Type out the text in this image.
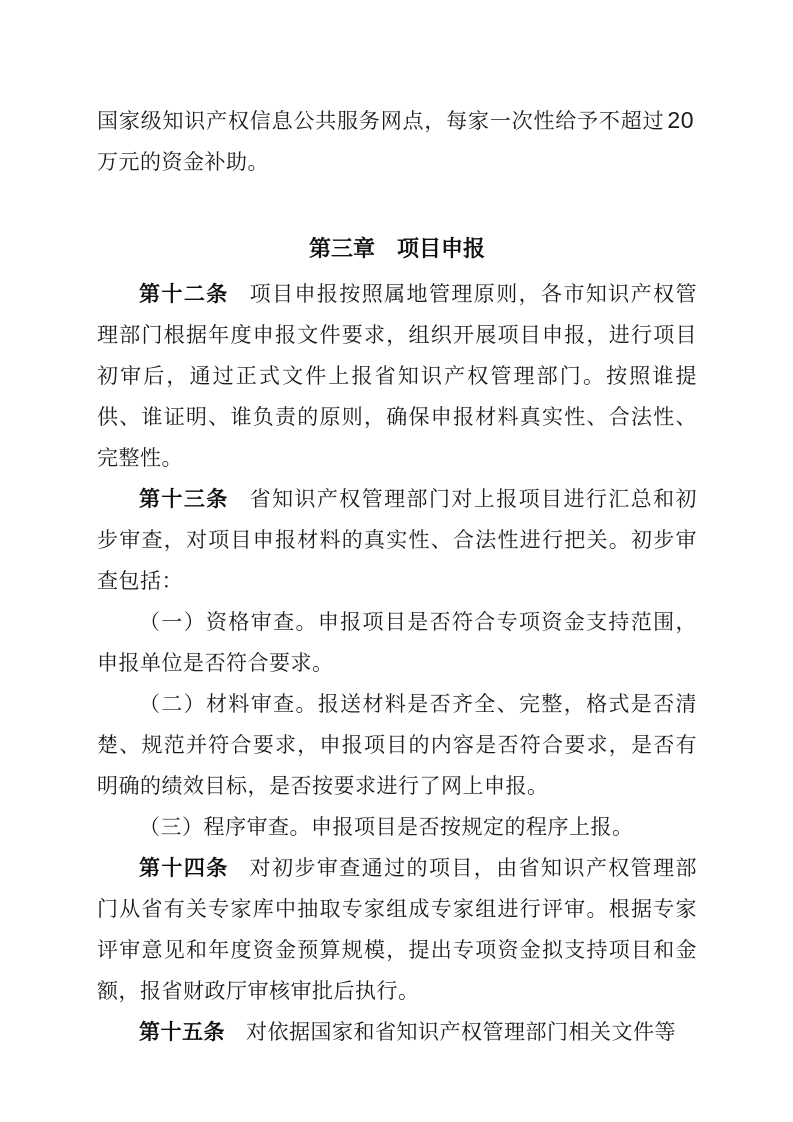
国家级知识产权信息公共服务网点，每家一次性给予不超过 20万元的资金补助。

第三章　项目申报

第十二条 项目申报按照属地管理原则，各市知识产权管理部门根据年度申报文件要求，组织开展项目申报，进行项目初审后，通过正式文件上报省知识产权管理部门。按照谁提供、谁证明、谁负责的原则，确保申报材料真实性、合法性、完整性。

第十三条 省知识产权管理部门对上报项目进行汇总和初步审查，对项目申报材料的真实性、合法性进行把关。初步审查包括：

（一）资格审查。申报项目是否符合专项资金支持范围，申报单位是否符合要求。

（二）材料审查。报送材料是否齐全、完整，格式是否清楚、规范并符合要求，申报项目的内容是否符合要求，是否有明确的绩效目标，是否按要求进行了网上申报。

（三）程序审查。申报项目是否按规定的程序上报。

第十四条 对初步审查通过的项目，由省知识产权管理部门从省有关专家库中抽取专家组成专家组进行评审。根据专家评审意见和年度资金预算规模，提出专项资金拟支持项目和金额，报省财政厅审核审批后执行。

第十五条 对依据国家和省知识产权管理部门相关文件等
